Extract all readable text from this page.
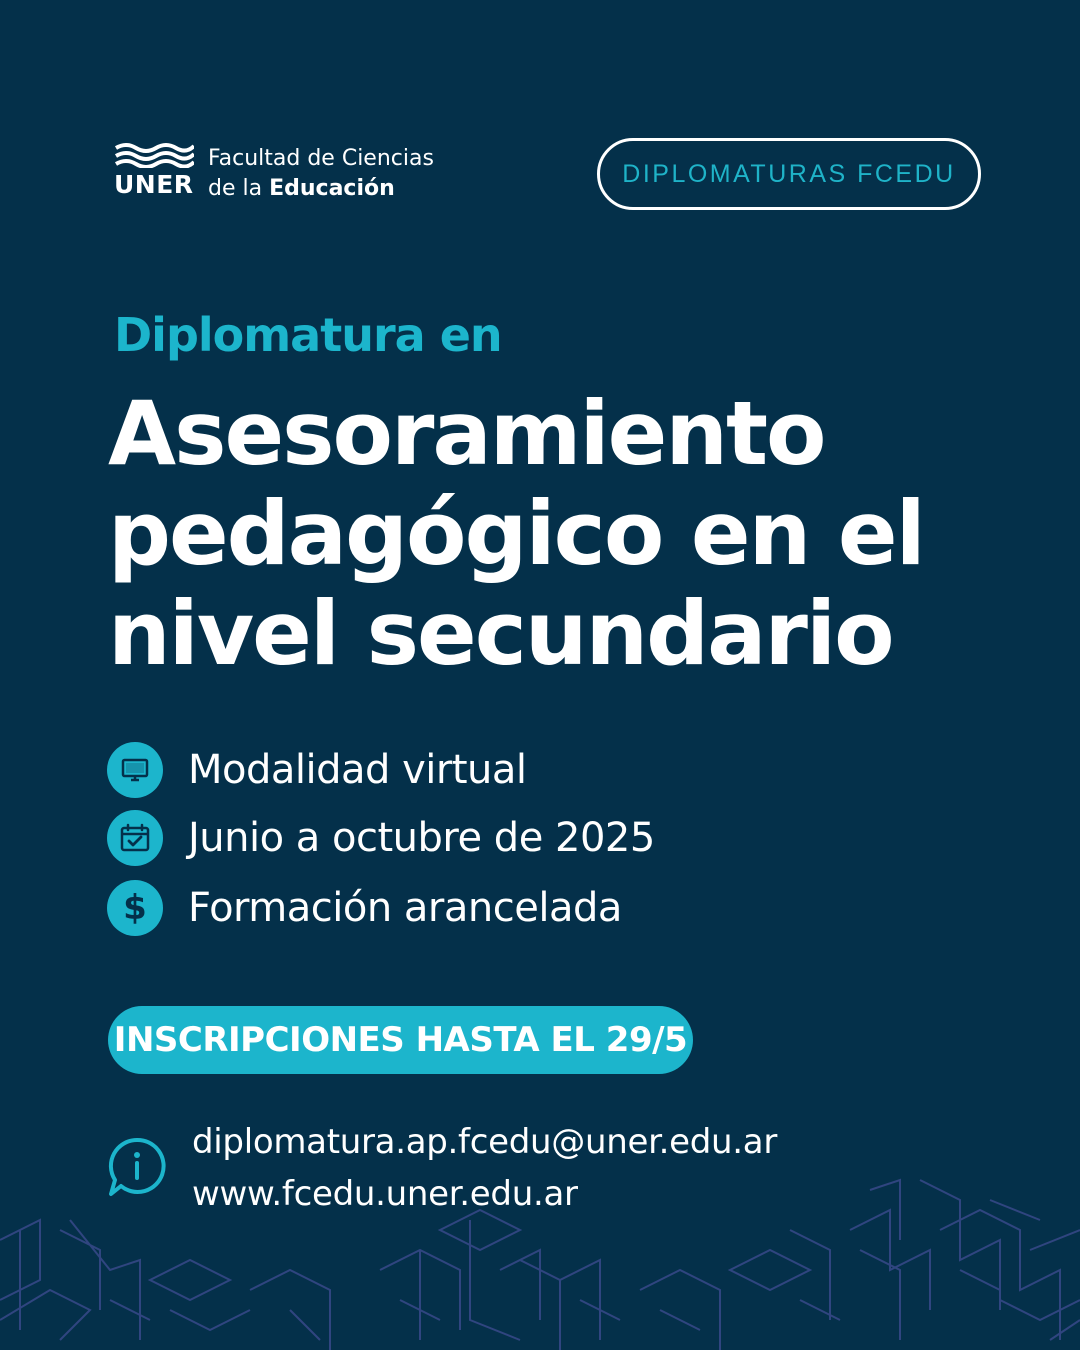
UNER
Facultad de Ciencias
de la Educación
DIPLOMATURAS FCEDU
Diplomatura en
Asesoramiento
pedagógico en el
nivel secundario
Modalidad virtual
Junio a octubre de 2025
$ Formación arancelada
INSCRIPCIONES HASTA EL 29/5
diplomatura.ap.fcedu@uner.edu.ar
www.fcedu.uner.edu.ar
